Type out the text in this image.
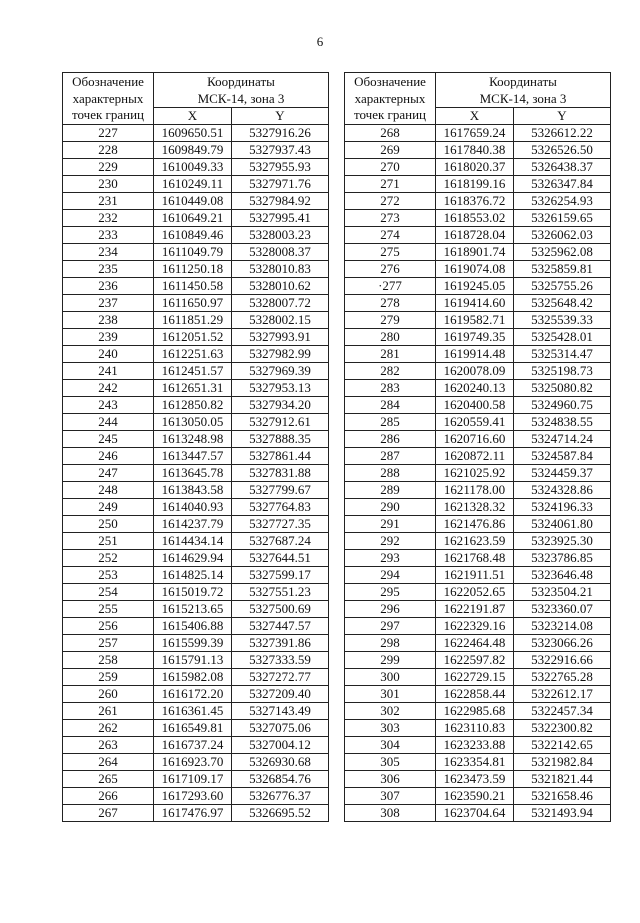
6
Обозначение
характерных
точек границ	Координаты
МСК-14, зона 3	
	X	Y
227	1609650.51	5327916.26
228	1609849.79	5327937.43
229	1610049.33	5327955.93
230	1610249.11	5327971.76
231	1610449.08	5327984.92
232	1610649.21	5327995.41
233	1610849.46	5328003.23
234	1611049.79	5328008.37
235	1611250.18	5328010.83
236	1611450.58	5328010.62
237	1611650.97	5328007.72
238	1611851.29	5328002.15
239	1612051.52	5327993.91
240	1612251.63	5327982.99
241	1612451.57	5327969.39
242	1612651.31	5327953.13
243	1612850.82	5327934.20
244	1613050.05	5327912.61
245	1613248.98	5327888.35
246	1613447.57	5327861.44
247	1613645.78	5327831.88
248	1613843.58	5327799.67
249	1614040.93	5327764.83
250	1614237.79	5327727.35
251	1614434.14	5327687.24
252	1614629.94	5327644.51
253	1614825.14	5327599.17
254	1615019.72	5327551.23
255	1615213.65	5327500.69
256	1615406.88	5327447.57
257	1615599.39	5327391.86
258	1615791.13	5327333.59
259	1615982.08	5327272.77
260	1616172.20	5327209.40
261	1616361.45	5327143.49
262	1616549.81	5327075.06
263	1616737.24	5327004.12
264	1616923.70	5326930.68
265	1617109.17	5326854.76
266	1617293.60	5326776.37
267	1617476.97	5326695.52
Обозначение
характерных
точек границ	Координаты
МСК-14, зона 3	
	X	Y
268	1617659.24	5326612.22
269	1617840.38	5326526.50
270	1618020.37	5326438.37
271	1618199.16	5326347.84
272	1618376.72	5326254.93
273	1618553.02	5326159.65
274	1618728.04	5326062.03
275	1618901.74	5325962.08
276	1619074.08	5325859.81
·277	1619245.05	5325755.26
278	1619414.60	5325648.42
279	1619582.71	5325539.33
280	1619749.35	5325428.01
281	1619914.48	5325314.47
282	1620078.09	5325198.73
283	1620240.13	5325080.82
284	1620400.58	5324960.75
285	1620559.41	5324838.55
286	1620716.60	5324714.24
287	1620872.11	5324587.84
288	1621025.92	5324459.37
289	1621178.00	5324328.86
290	1621328.32	5324196.33
291	1621476.86	5324061.80
292	1621623.59	5323925.30
293	1621768.48	5323786.85
294	1621911.51	5323646.48
295	1622052.65	5323504.21
296	1622191.87	5323360.07
297	1622329.16	5323214.08
298	1622464.48	5323066.26
299	1622597.82	5322916.66
300	1622729.15	5322765.28
301	1622858.44	5322612.17
302	1622985.68	5322457.34
303	1623110.83	5322300.82
304	1623233.88	5322142.65
305	1623354.81	5321982.84
306	1623473.59	5321821.44
307	1623590.21	5321658.46
308	1623704.64	5321493.94
